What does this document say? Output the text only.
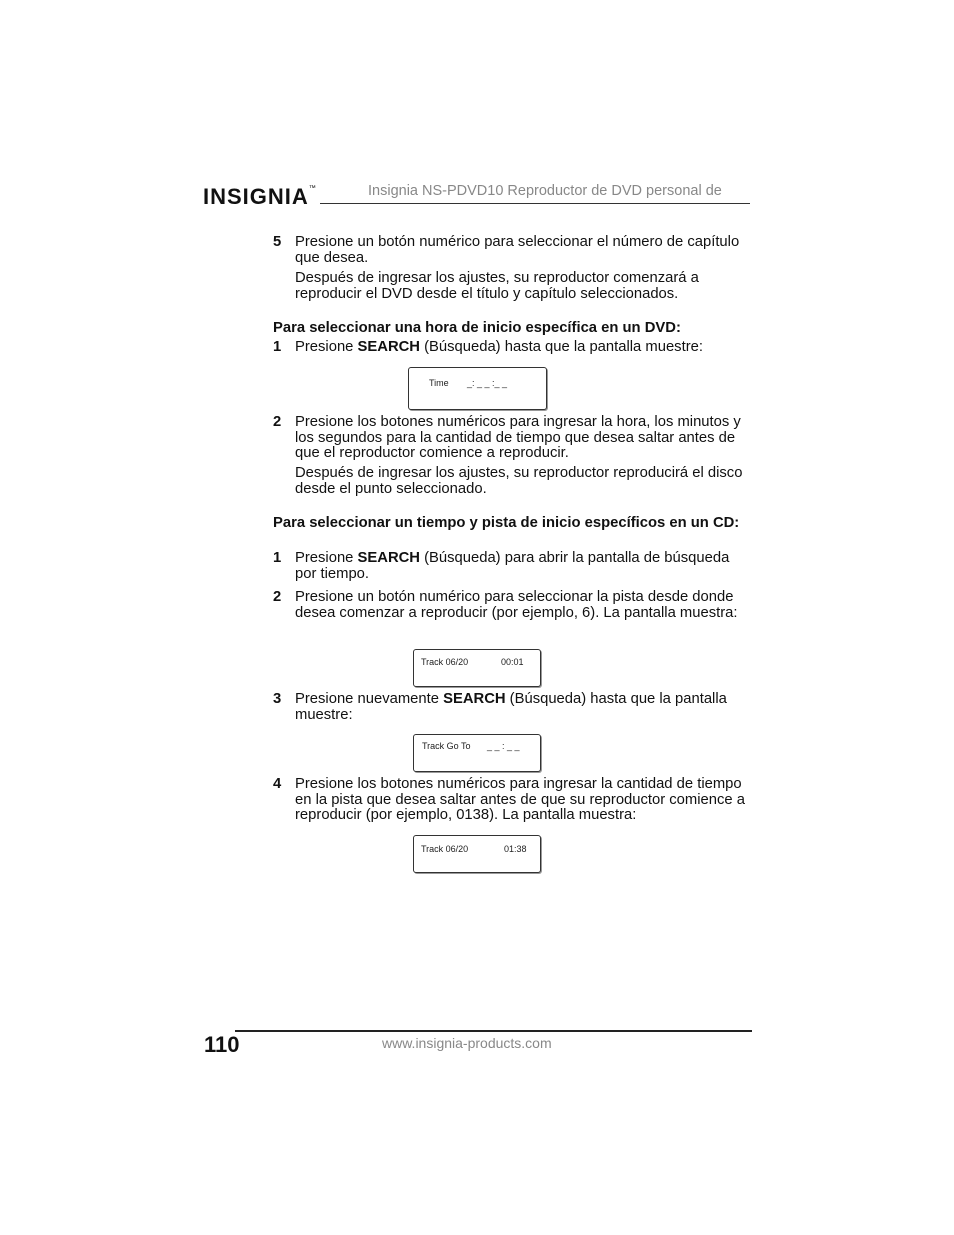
INSIGNIA™	Insignia NS-PDVD10 Reproductor de DVD personal de
5 Presione un botón numérico para seleccionar el número de capítulo que desea.
Después de ingresar los ajustes, su reproductor comenzará a reproducir el DVD desde el título y capítulo seleccionados.
Para seleccionar una hora de inicio específica en un DVD:
1 Presione SEARCH (Búsqueda) hasta que la pantalla muestre:
Time _: _ _ :_ _
2 Presione los botones numéricos para ingresar la hora, los minutos y los segundos para la cantidad de tiempo que desea saltar antes de que el reproductor comience a reproducir.
Después de ingresar los ajustes, su reproductor reproducirá el disco desde el punto seleccionado.
Para seleccionar un tiempo y pista de inicio específicos en un CD:
1 Presione SEARCH (Búsqueda) para abrir la pantalla de búsqueda por tiempo.
2 Presione un botón numérico para seleccionar la pista desde donde desea comenzar a reproducir (por ejemplo, 6). La pantalla muestra:
Track 06/20	00:01
3 Presione nuevamente SEARCH (Búsqueda) hasta que la pantalla muestre:
Track Go To _ _ : _ _
4 Presione los botones numéricos para ingresar la cantidad de tiempo en la pista que desea saltar antes de que su reproductor comience a reproducir (por ejemplo, 0138). La pantalla muestra:
Track 06/20	01:38
110	www.insignia-products.com
